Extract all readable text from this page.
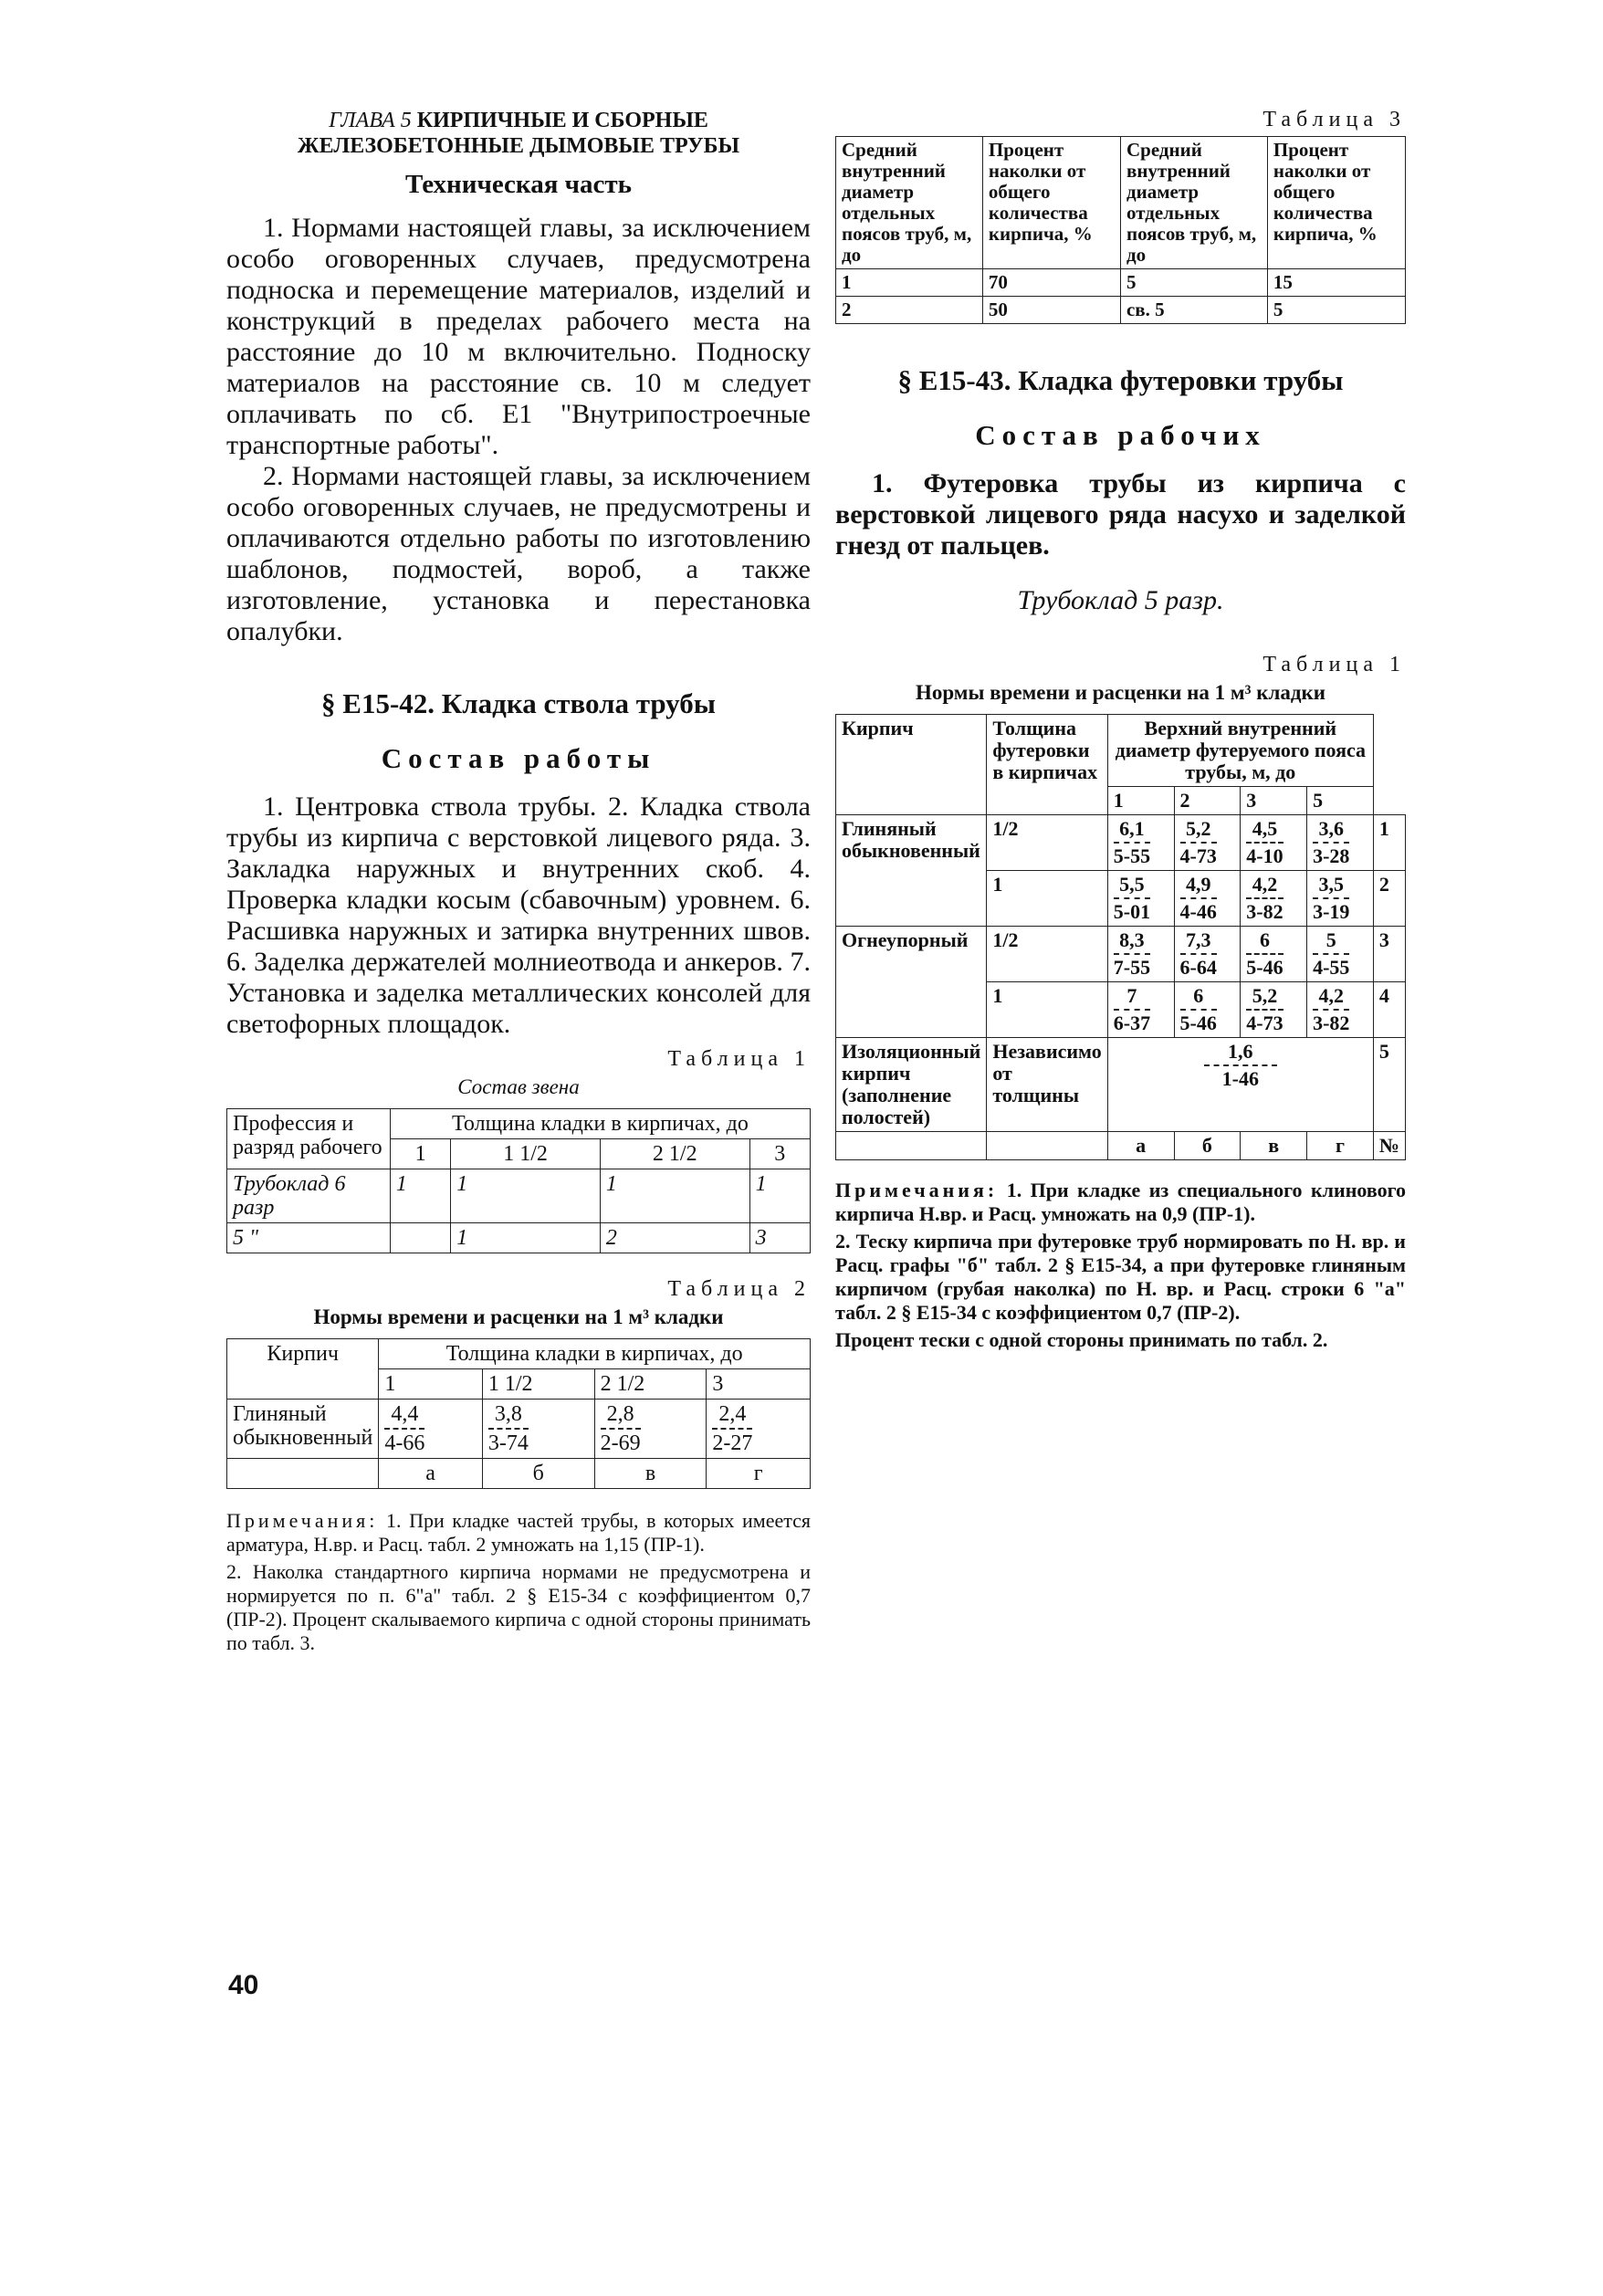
ГЛАВА 5 КИРПИЧНЫЕ И СБОРНЫЕ
ЖЕЛЕЗОБЕТОННЫЕ ДЫМОВЫЕ ТРУБЫ
Техническая часть

1. Нормами настоящей главы, за исключением особо оговоренных случаев, предусмотрена подноска и перемещение материалов, изделий и конструкций в пределах рабочего места на расстояние до 10 м включительно. Подноску материалов на расстояние св. 10 м следует оплачивать по сб. Е1 "Внутрипостроечные транспортные работы".

2. Нормами настоящей главы, за исключением особо оговоренных случаев, не предусмотрены и оплачиваются отдельно работы по изготовлению шаблонов, подмостей, вороб, а также изготовление, установка и перестановка опалубки.

§ Е15-42. Кладка ствола трубы
Состав работы

1. Центровка ствола трубы. 2. Кладка ствола трубы из кирпича с верстовкой лицевого ряда. 3. Закладка наружных и внутренних скоб. 4. Проверка кладки косым (сбавочным) уровнем. 6. Расшивка наружных и затирка внутренних швов. 6. Заделка держателей молниеотвода и анкеров. 7. Установка и заделка металлических консолей для светофорных площадок.

Таблица 1
Состав звена
Профессия и разряд рабочего	Толщина кладки в кирпичах, до			
	1	1 1/2	2 1/2	3
Трубоклад 6 разр	1	1	1	1
5 "		1	2	3
Таблица 2
Нормы времени и расценки на 1 м³ кладки
Кирпич	Толщина кладки в кирпичах, до			
	1	1 1/2	2 1/2	3
Глиняный обыкновенный	$\frac{4,4}{4-66}$	$\frac{3,8}{3-74}$	$\frac{2,8}{2-69}$	$\frac{2,4}{2-27}$

	а	б	в	г

Примечания: 1. При кладке частей трубы, в которых имеется арматура, Н.вр. и Расц. табл. 2 умножать на 1,15 (ПР-1).

2. Наколка стандартного кирпича нормами не предусмотрена и нормируется по п. 6"а" табл. 2 § Е15-34 с коэффициентом 0,7 (ПР-2). Процент скалываемого кирпича с одной стороны принимать по табл. 3.

Таблица 3
Средний внутренний диаметр отдельных поясов труб, м, до	Процент наколки от общего количества кирпича, %	Средний внутренний диаметр отдельных поясов труб, м, до	Процент наколки от общего количества кирпича, %
1	70	5	15
2	50	св. 5	5
§ Е15-43. Кладка футеровки трубы
Состав рабочих

1. Футеровка трубы из кирпича с верстовкой лицевого ряда насухо и заделкой гнезд от пальцев.

Трубоклад 5 разр.
Таблица 1
Нормы времени и расценки на 1 м³ кладки
Кирпич	Толщина футеровки в кирпичах	Верхний внутренний диаметр футеруемого пояса трубы, м, до				
		1	2	3	5	
Глиняный обыкновенный	1/2	$\frac{6,1}{5-55}$	$\frac{5,2}{4-73}$	$\frac{4,5}{4-10}$	$\frac{3,6}{3-28}$	1
	1	$\frac{5,5}{5-01}$	$\frac{4,9}{4-46}$	$\frac{4,2}{3-82}$	$\frac{3,5}{3-19}$	2
Огнеупорный	1/2	$\frac{8,3}{7-55}$	$\frac{7,3}{6-64}$	$\frac{6}{5-46}$	$\frac{5}{4-55}$	3
	1	$\frac{7}{6-37}$	$\frac{6}{5-46}$	$\frac{5,2}{4-73}$	$\frac{4,2}{3-82}$	4
Изоляционный кирпич (заполнение полостей)	Независимо от толщины	$\frac{1,6}{1-46}$				5
		а	б	в	г	№

Примечания: 1. При кладке из специального клинового кирпича Н.вр. и Расц. умножать на 0,9 (ПР-1).

2. Теску кирпича при футеровке труб нормировать по Н. вр. и Расц. графы "б" табл. 2 § Е15-34, а при футеровке глиняным кирпичом (грубая наколка) по Н. вр. и Расц. строки 6 "а" табл. 2 § Е15-34 с коэффициентом 0,7 (ПР-2).

Процент тески с одной стороны принимать по табл. 2.

40
